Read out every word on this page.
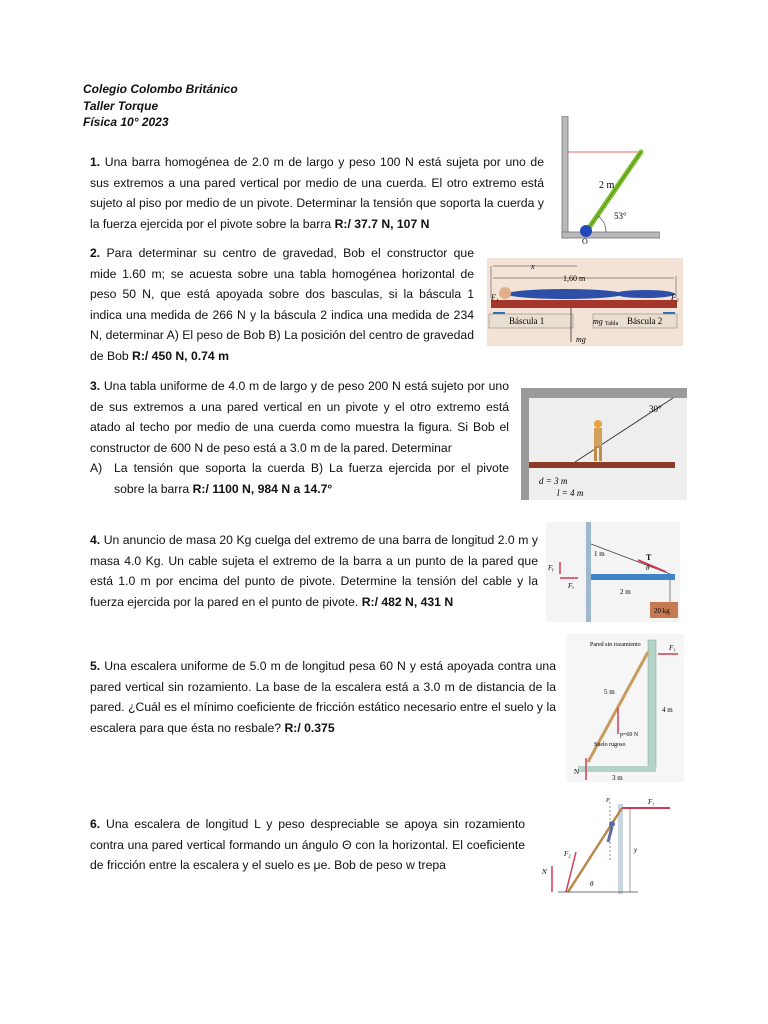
Colegio Colombo Británico
Taller Torque
Física 10° 2023

1. Una barra homogénea de 2.0 m de largo y peso 100 N está sujeta por uno de sus extremos a una pared vertical por medio de una cuerda. El otro extremo está sujeto al piso por medio de un pivote. Determinar la tensión que soporta la cuerda y la fuerza ejercida por el pivote sobre la barra R:/ 37.7 N, 107 N

2 m
53°
O

2. Para determinar su centro de gravedad, Bob el constructor que mide 1.60 m; se acuesta sobre una tabla homogénea horizontal de peso 50 N, que está apoyada sobre dos basculas, si la báscula 1 indica una medida de 266 N y la báscula 2 indica una medida de 234 N, determinar A) El peso de Bob B) La posición del centro de gravedad de Bob R:/ 450 N, 0.74 m

x
1,60 m
Báscula 1	Báscula 2
F₁	F₂
mg Tabla
mg

3. Una tabla uniforme de 4.0 m de largo y de peso 200 N está sujeto por uno de sus extremos a una pared vertical en un pivote y el otro extremo está atado al techo por medio de una cuerda como muestra la figura. Si Bob el constructor de 600 N de peso está a 3.0 m de la pared. Determinar

A) La tensión que soporta la cuerda B) La fuerza ejercida por el pivote sobre la barra R:/ 1100 N, 984 N a 14.7°
30°
d = 3 m
l = 4 m

4. Un anuncio de masa 20 Kg cuelga del extremo de una barra de longitud 2.0 m y masa 4.0 Kg. Un cable sujeta el extremo de la barra a un punto de la pared que está 1.0 m por encima del punto de pivote. Determine la tensión del cable y la fuerza ejercida por la pared en el punto de pivote. R:/ 482 N, 431 N

T
θ
1 m
Fᵧ
Fₓ
2 m
20 kg

5. Una escalera uniforme de 5.0 m de longitud pesa 60 N y está apoyada contra una pared vertical sin rozamiento. La base de la escalera está a 3.0 m de distancia de la pared. ¿Cuál es el mínimo coeficiente de fricción estático necesario entre el suelo y la escalera para que ésta no resbale? R:/ 0.375

Pared sin rozamiento	F₁
5 m
4 m
p=60 N
Suelo rugoso
N
3 m

6. Una escalera de longitud L y peso despreciable se apoya sin rozamiento contra una pared vertical formando un ángulo Θ con la horizontal. El coeficiente de fricción entre la escalera y el suelo es μe. Bob de peso w trepa

F₁
P
N
F₂
θ
y
